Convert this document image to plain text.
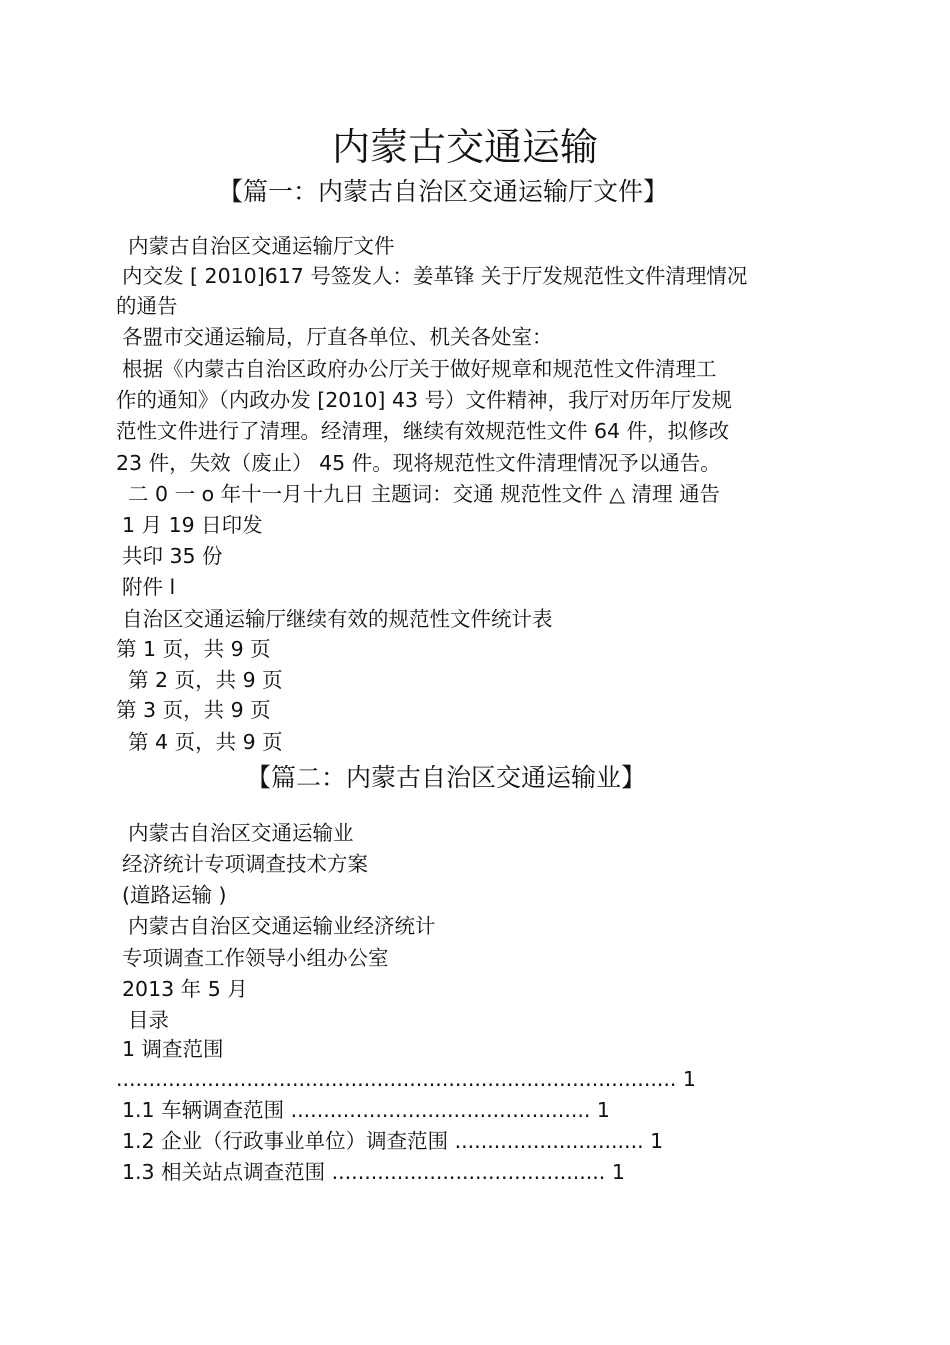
内蒙古交通运输
【篇一：内蒙古自治区交通运输厅文件】
内蒙古自治区交通运输厅文件
内交发 [ 2010]617 号签发人：姜革锋 关于厅发规范性文件清理情况
的通告
各盟市交通运输局，厅直各单位、机关各处室：
根据《内蒙古自治区政府办公厅关于做好规章和规范性文件清理工
作的通知》（内政办发 [2010] 43 号）文件精神，我厅对历年厅发规
范性文件进行了清理。经清理，继续有效规范性文件 64 件，拟修改
23 件，失效（废止） 45 件。现将规范性文件清理情况予以通告。
二 0 一 o 年十一月十九日 主题词：交通 规范性文件 △ 清理 通告
1 月 19 日印发
共印 35 份
附件 l
自治区交通运输厅继续有效的规范性文件统计表
第 1 页，共 9 页
第 2 页，共 9 页
第 3 页，共 9 页
第 4 页，共 9 页
【篇二：内蒙古自治区交通运输业】
内蒙古自治区交通运输业
经济统计专项调查技术方案
(道路运输 )
内蒙古自治区交通运输业经济统计
专项调查工作领导小组办公室
2013 年 5 月
目录
1 调查范围
...................................................................................... 1
1.1 车辆调查范围 .............................................. 1
1.2 企业（行政事业单位）调查范围 ............................. 1
1.3 相关站点调查范围 .......................................... 1
